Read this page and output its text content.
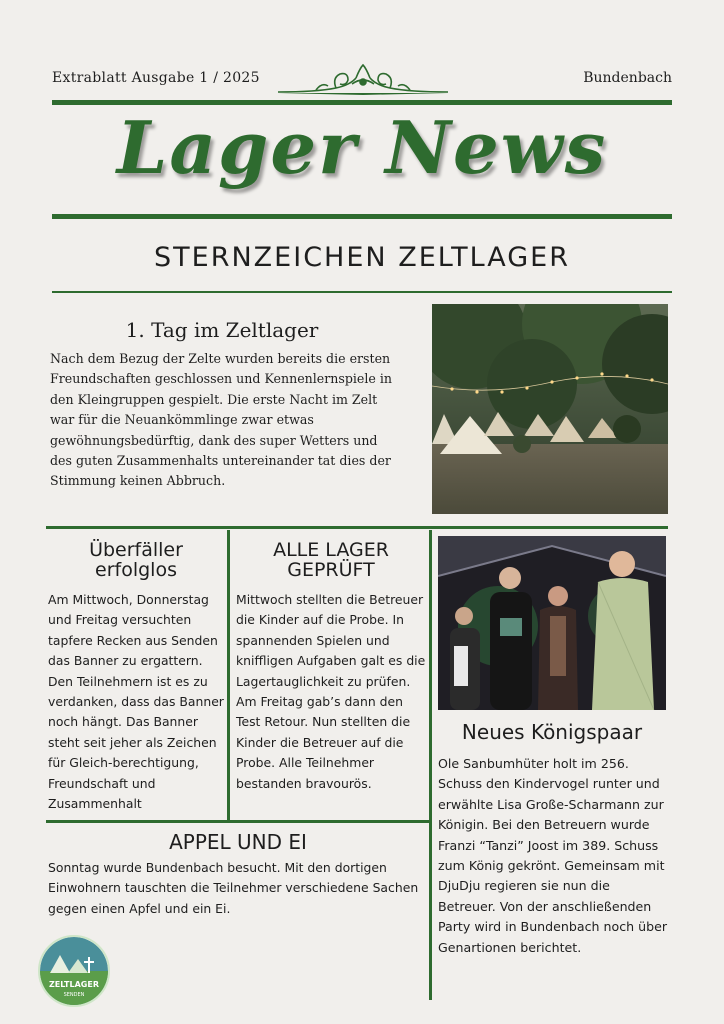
Extrablatt Ausgabe 1 / 2025	Bundenbach
Lager News
STERNZEICHEN ZELTLAGER
1. Tag im Zeltlager

Nach dem Bezug der Zelte wurden bereits die ersten Freundschaften geschlossen und Kennenlernspiele in den Kleingruppen gespielt. Die erste Nacht im Zelt war für die Neuankömmlinge zwar etwas gewöhnungsbedürftig, dank des super Wetters und des guten Zusammenhalts untereinander tat dies der Stimmung keinen Abbruch.

Überfäller erfolglos

Am Mittwoch, Donnerstag und Freitag versuchten tapfere Recken aus Senden das Banner zu ergattern. Den Teilnehmern ist es zu verdanken, dass das Banner noch hängt. Das Banner steht seit jeher als Zeichen für Gleich-berechtigung, Freundschaft und Zusammenhalt

ALLE LAGER GEPRÜFT

Mittwoch stellten die Betreuer die Kinder auf die Probe. In spannenden Spielen und kniffligen Aufgaben galt es die Lagertauglichkeit zu prüfen. Am Freitag gab’s dann den Test Retour. Nun stellten die Kinder die Betreuer auf die Probe. Alle Teilnehmer bestanden bravourös.

Neues Königspaar

Ole Sanbumhüter holt im 256. Schuss den Kindervogel runter und erwählte Lisa Große-Scharmann zur Königin. Bei den Betreuern wurde Franzi “Tanzi” Joost im 389. Schuss zum König gekrönt. Gemeinsam mit DjuDju regieren sie nun die Betreuer. Von der anschließenden Party wird in Bundenbach noch über Genartionen berichtet.

APPEL UND EI

Sonntag wurde Bundenbach besucht. Mit den dortigen Einwohnern tauschten die Teilnehmer verschiedene Sachen gegen einen Apfel und ein Ei.

ZELTLAGER
SENDEN
